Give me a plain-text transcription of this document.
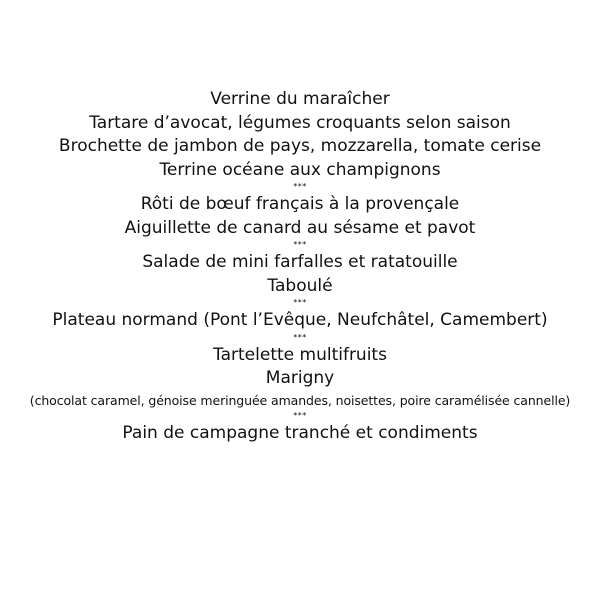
Verrine du maraîcher
Tartare d’avocat, légumes croquants selon saison
Brochette de jambon de pays, mozzarella, tomate cerise
Terrine océane aux champignons
***
Rôti de bœuf français à la provençale
Aiguillette de canard au sésame et pavot
***
Salade de mini farfalles et ratatouille
Taboulé
***
Plateau normand (Pont l’Evêque, Neufchâtel, Camembert)
***
Tartelette multifruits
Marigny
(chocolat caramel, génoise meringuée amandes, noisettes, poire caramélisée cannelle)
***
Pain de campagne tranché et condiments
